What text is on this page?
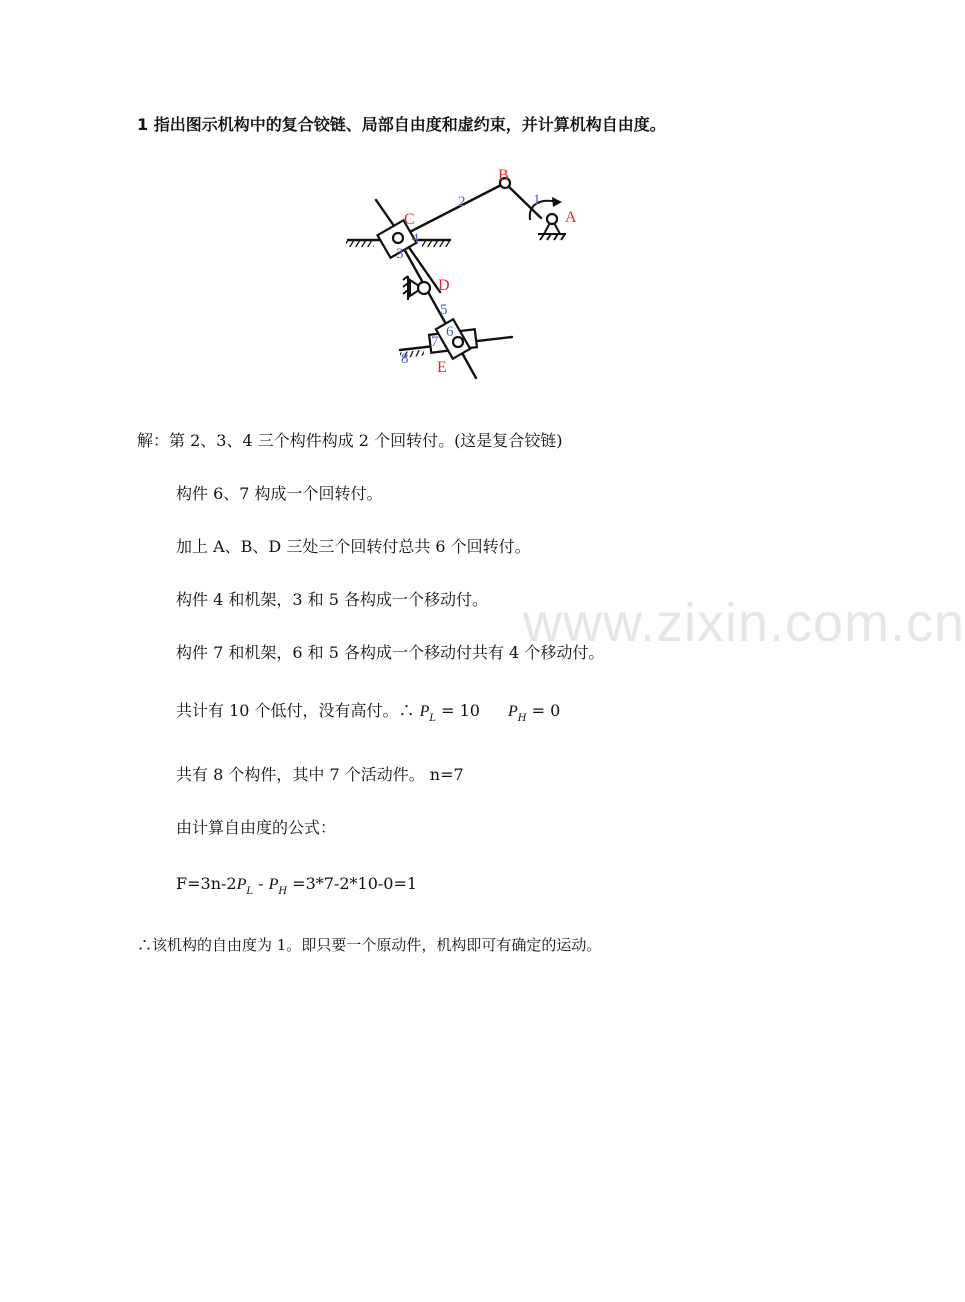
www.zixin.com.cn
1 指出图示机构中的复合铰链、局部自由度和虚约束，并计算机构自由度。
B
A
C
D
E
1
2
3
4
5
6
7
8
解：第 2、3、4 三个构件构成 2 个回转付。(这是复合铰链)
构件 6、7 构成一个回转付。
加上 A、B、D 三处三个回转付总共 6 个回转付。
构件 4 和机架，3 和 5 各构成一个移动付。
构件 7 和机架，6 和 5 各构成一个移动付共有 4 个移动付。
共计有 10 个低付，没有高付。∴ $P_L = 10$ $P_H = 0$
共有 8 个构件，其中 7 个活动件。 n=7
由计算自由度的公式：
$F=3n-2P_L - P_H =3*7-2*10-0=1$
∴该机构的自由度为 1。即只要一个原动件，机构即可有确定的运动。
